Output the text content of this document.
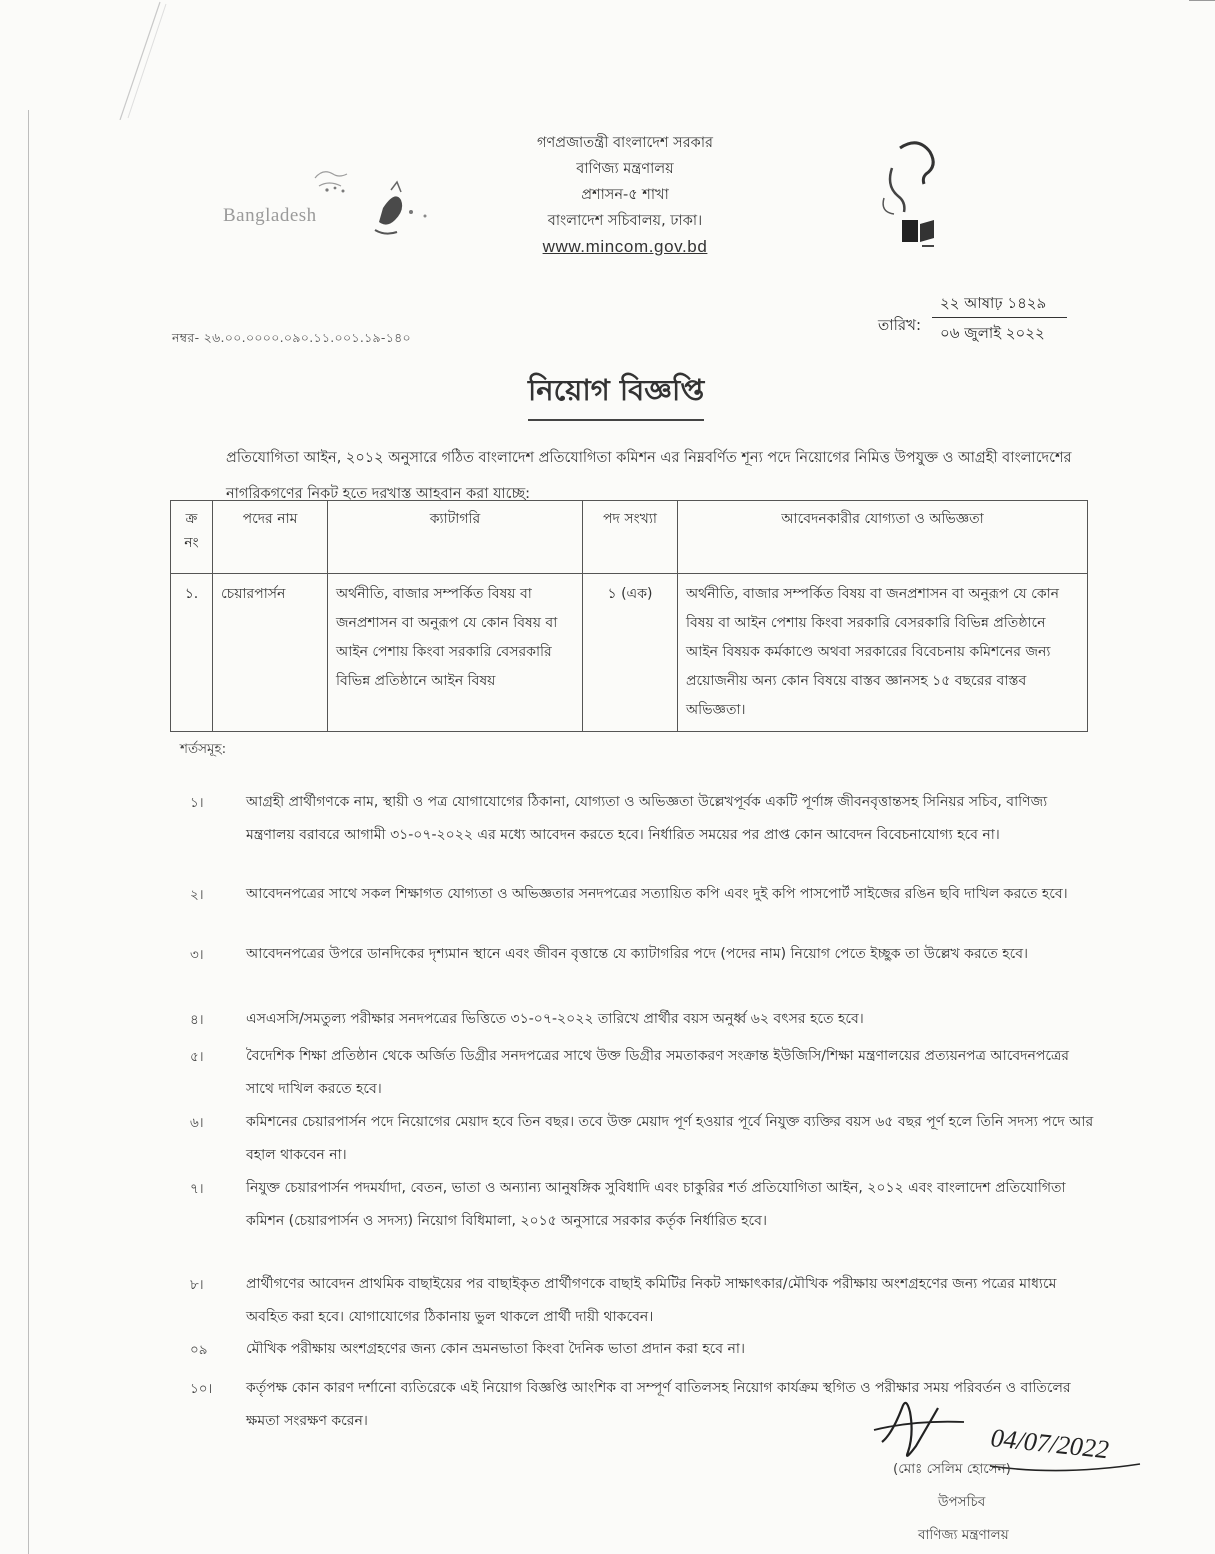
Bangladesh
গণপ্রজাতন্ত্রী বাংলাদেশ সরকার
বাণিজ্য মন্ত্রণালয়
প্রশাসন-৫ শাখা
বাংলাদেশ সচিবালয়, ঢাকা।
www.mincom.gov.bd
২২ আষাঢ় ১৪২৯
তারিখ: ০৬ জুলাই ২০২২
নম্বর- ২৬.০০.০০০০.০৯০.১১.০০১.১৯-১৪০
নিয়োগ বিজ্ঞপ্তি
প্রতিযোগিতা আইন, ২০১২ অনুসারে গঠিত বাংলাদেশ প্রতিযোগিতা কমিশন এর নিম্নবর্ণিত শূন্য পদে নিয়োগের নিমিত্ত উপযুক্ত ও আগ্রহী বাংলাদেশের নাগরিকগণের নিকট হতে দরখাস্ত আহবান করা যাচ্ছে:
ক্র নং	পদের নাম	ক্যাটাগরি	পদ সংখ্যা	আবেদনকারীর যোগ্যতা ও অভিজ্ঞতা
১.	চেয়ারপার্সন	অর্থনীতি, বাজার সম্পর্কিত বিষয় বা জনপ্রশাসন বা অনুরূপ যে কোন বিষয় বা আইন পেশায় কিংবা সরকারি বেসরকারি বিভিন্ন প্রতিষ্ঠানে আইন বিষয়	১ (এক)	অর্থনীতি, বাজার সম্পর্কিত বিষয় বা জনপ্রশাসন বা অনুরূপ যে কোন বিষয় বা আইন পেশায় কিংবা সরকারি বেসরকারি বিভিন্ন প্রতিষ্ঠানে আইন বিষয়ক কর্মকাণ্ডে অথবা সরকারের বিবেচনায় কমিশনের জন্য প্রয়োজনীয় অন্য কোন বিষয়ে বাস্তব জ্ঞানসহ ১৫ বছরের বাস্তব অভিজ্ঞতা।
শর্তসমূহ:
১।	আগ্রহী প্রার্থীগণকে নাম, স্থায়ী ও পত্র যোগাযোগের ঠিকানা, যোগ্যতা ও অভিজ্ঞতা উল্লেখপূর্বক একটি পূর্ণাঙ্গ জীবনবৃত্তান্তসহ সিনিয়র সচিব, বাণিজ্য মন্ত্রণালয় বরাবরে আগামী ৩১-০৭-২০২২ এর মধ্যে আবেদন করতে হবে। নির্ধারিত সময়ের পর প্রাপ্ত কোন আবেদন বিবেচনাযোগ্য হবে না।
২।	আবেদনপত্রের সাথে সকল শিক্ষাগত যোগ্যতা ও অভিজ্ঞতার সনদপত্রের সত্যায়িত কপি এবং দুই কপি পাসপোর্ট সাইজের রঙিন ছবি দাখিল করতে হবে।
৩।	আবেদনপত্রের উপরে ডানদিকের দৃশ্যমান স্থানে এবং জীবন বৃত্তান্তে যে ক্যাটাগরির পদে (পদের নাম) নিয়োগ পেতে ইচ্ছুক তা উল্লেখ করতে হবে।
৪।	এসএসসি/সমতুল্য পরীক্ষার সনদপত্রের ভিত্তিতে ৩১-০৭-২০২২ তারিখে প্রার্থীর বয়স অনুর্ধ্ব ৬২ বৎসর হতে হবে।
৫।	বৈদেশিক শিক্ষা প্রতিষ্ঠান থেকে অর্জিত ডিগ্রীর সনদপত্রের সাথে উক্ত ডিগ্রীর সমতাকরণ সংক্রান্ত ইউজিসি/শিক্ষা মন্ত্রণালয়ের প্রত্যয়নপত্র আবেদনপত্রের সাথে দাখিল করতে হবে।
৬।	কমিশনের চেয়ারপার্সন পদে নিয়োগের মেয়াদ হবে তিন বছর। তবে উক্ত মেয়াদ পূর্ণ হওয়ার পূর্বে নিযুক্ত ব্যক্তির বয়স ৬৫ বছর পূর্ণ হলে তিনি সদস্য পদে আর বহাল থাকবেন না।
৭।	নিযুক্ত চেয়ারপার্সন পদমর্যাদা, বেতন, ভাতা ও অন্যান্য আনুষঙ্গিক সুবিধাদি এবং চাকুরির শর্ত প্রতিযোগিতা আইন, ২০১২ এবং বাংলাদেশ প্রতিযোগিতা কমিশন (চেয়ারপার্সন ও সদস্য) নিয়োগ বিধিমালা, ২০১৫ অনুসারে সরকার কর্তৃক নির্ধারিত হবে।
৮।	প্রার্থীগণের আবেদন প্রাথমিক বাছাইয়ের পর বাছাইকৃত প্রার্থীগণকে বাছাই কমিটির নিকট সাক্ষাৎকার/মৌখিক পরীক্ষায় অংশগ্রহণের জন্য পত্রের মাধ্যমে অবহিত করা হবে। যোগাযোগের ঠিকানায় ভুল থাকলে প্রার্থী দায়ী থাকবেন।
০৯	মৌখিক পরীক্ষায় অংশগ্রহণের জন্য কোন ভ্রমনভাতা কিংবা দৈনিক ভাতা প্রদান করা হবে না।
১০। কর্তৃপক্ষ কোন কারণ দর্শানো ব্যতিরেকে এই নিয়োগ বিজ্ঞপ্তি আংশিক বা সম্পূর্ণ বাতিলসহ নিয়োগ কার্যক্রম স্থগিত ও পরীক্ষার সময় পরিবর্তন ও বাতিলের ক্ষমতা সংরক্ষণ করেন।
04/07/2022
(মোঃ সেলিম হোসেন)
উপসচিব
বাণিজ্য মন্ত্রণালয়
